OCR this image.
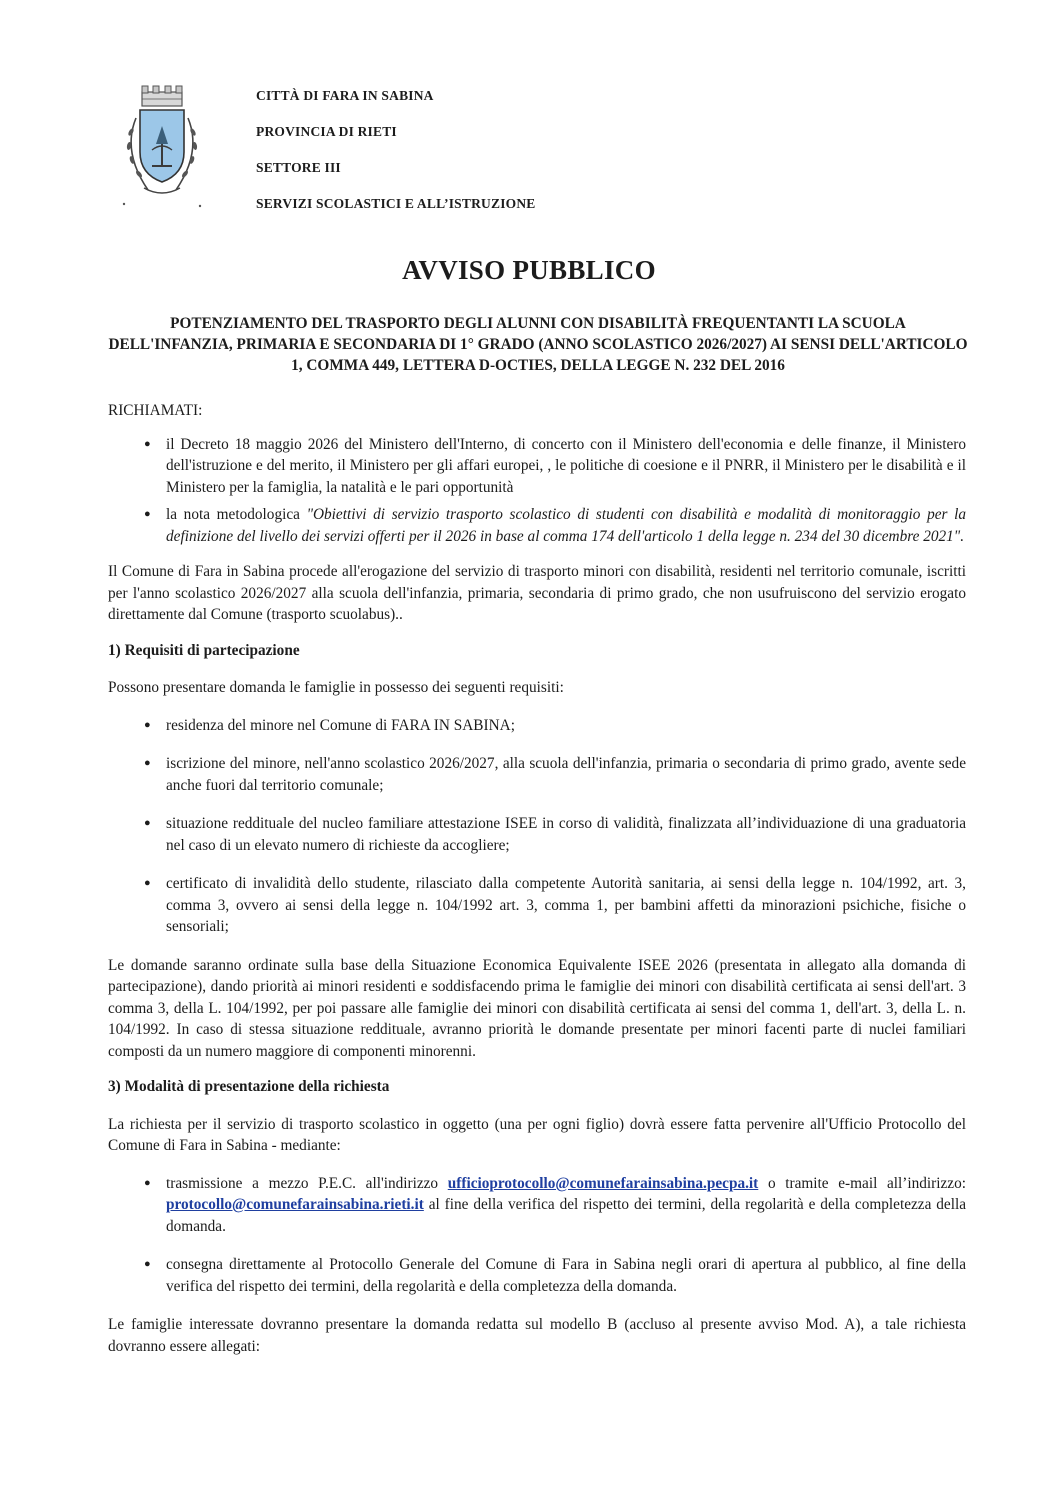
CITTÀ DI FARA IN SABINA
PROVINCIA DI RIETI
SETTORE III
SERVIZI SCOLASTICI E ALL’ISTRUZIONE
AVVISO PUBBLICO
POTENZIAMENTO DEL TRASPORTO DEGLI ALUNNI CON DISABILITÀ FREQUENTANTI LA SCUOLA DELL'INFANZIA, PRIMARIA E SECONDARIA DI 1° GRADO (ANNO SCOLASTICO 2026/2027) AI SENSI DELL'ARTICOLO 1, COMMA 449, LETTERA D-OCTIES, DELLA LEGGE N. 232 DEL 2016

RICHIAMATI:

● il Decreto 18 maggio 2026 del Ministero dell'Interno, di concerto con il Ministero dell'economia e delle finanze, il Ministero dell'istruzione e del merito, il Ministero per gli affari europei, , le politiche di coesione e il PNRR, il Ministero per le disabilità e il Ministero per la famiglia, la natalità e le pari opportunità
● la nota metodologica "Obiettivi di servizio trasporto scolastico di studenti con disabilità e modalità di monitoraggio per la definizione del livello dei servizi offerti per il 2026 in base al comma 174 dell'articolo 1 della legge n. 234 del 30 dicembre 2021".

Il Comune di Fara in Sabina procede all'erogazione del servizio di trasporto minori con disabilità, residenti nel territorio comunale, iscritti per l'anno scolastico 2026/2027 alla scuola dell'infanzia, primaria, secondaria di primo grado, che non usufruiscono del servizio erogato direttamente dal Comune (trasporto scuolabus)..

1) Requisiti di partecipazione

Possono presentare domanda le famiglie in possesso dei seguenti requisiti:

● residenza del minore nel Comune di FARA IN SABINA;
● iscrizione del minore, nell'anno scolastico 2026/2027, alla scuola dell'infanzia, primaria o secondaria di primo grado, avente sede anche fuori dal territorio comunale;
● situazione reddituale del nucleo familiare attestazione ISEE in corso di validità, finalizzata all’individuazione di una graduatoria nel caso di un elevato numero di richieste da accogliere;
● certificato di invalidità dello studente, rilasciato dalla competente Autorità sanitaria, ai sensi della legge n. 104/1992, art. 3, comma 3, ovvero ai sensi della legge n. 104/1992 art. 3, comma 1, per bambini affetti da minorazioni psichiche, fisiche o sensoriali;

Le domande saranno ordinate sulla base della Situazione Economica Equivalente ISEE 2026 (presentata in allegato alla domanda di partecipazione), dando priorità ai minori residenti e soddisfacendo prima le famiglie dei minori con disabilità certificata ai sensi dell'art. 3 comma 3, della L. 104/1992, per poi passare alle famiglie dei minori con disabilità certificata ai sensi del comma 1, dell'art. 3, della L. n. 104/1992. In caso di stessa situazione reddituale, avranno priorità le domande presentate per minori facenti parte di nuclei familiari composti da un numero maggiore di componenti minorenni.

3) Modalità di presentazione della richiesta

La richiesta per il servizio di trasporto scolastico in oggetto (una per ogni figlio) dovrà essere fatta pervenire all'Ufficio Protocollo del Comune di Fara in Sabina - mediante:

● trasmissione a mezzo P.E.C. all'indirizzo ufficioprotocollo@comunefarainsabina.pecpa.it o tramite e-mail all’indirizzo: protocollo@comunefarainsabina.rieti.it al fine della verifica del rispetto dei termini, della regolarità e della completezza della domanda.
● consegna direttamente al Protocollo Generale del Comune di Fara in Sabina negli orari di apertura al pubblico, al fine della verifica del rispetto dei termini, della regolarità e della completezza della domanda.

Le famiglie interessate dovranno presentare la domanda redatta sul modello B (accluso al presente avviso Mod. A), a tale richiesta dovranno essere allegati:
